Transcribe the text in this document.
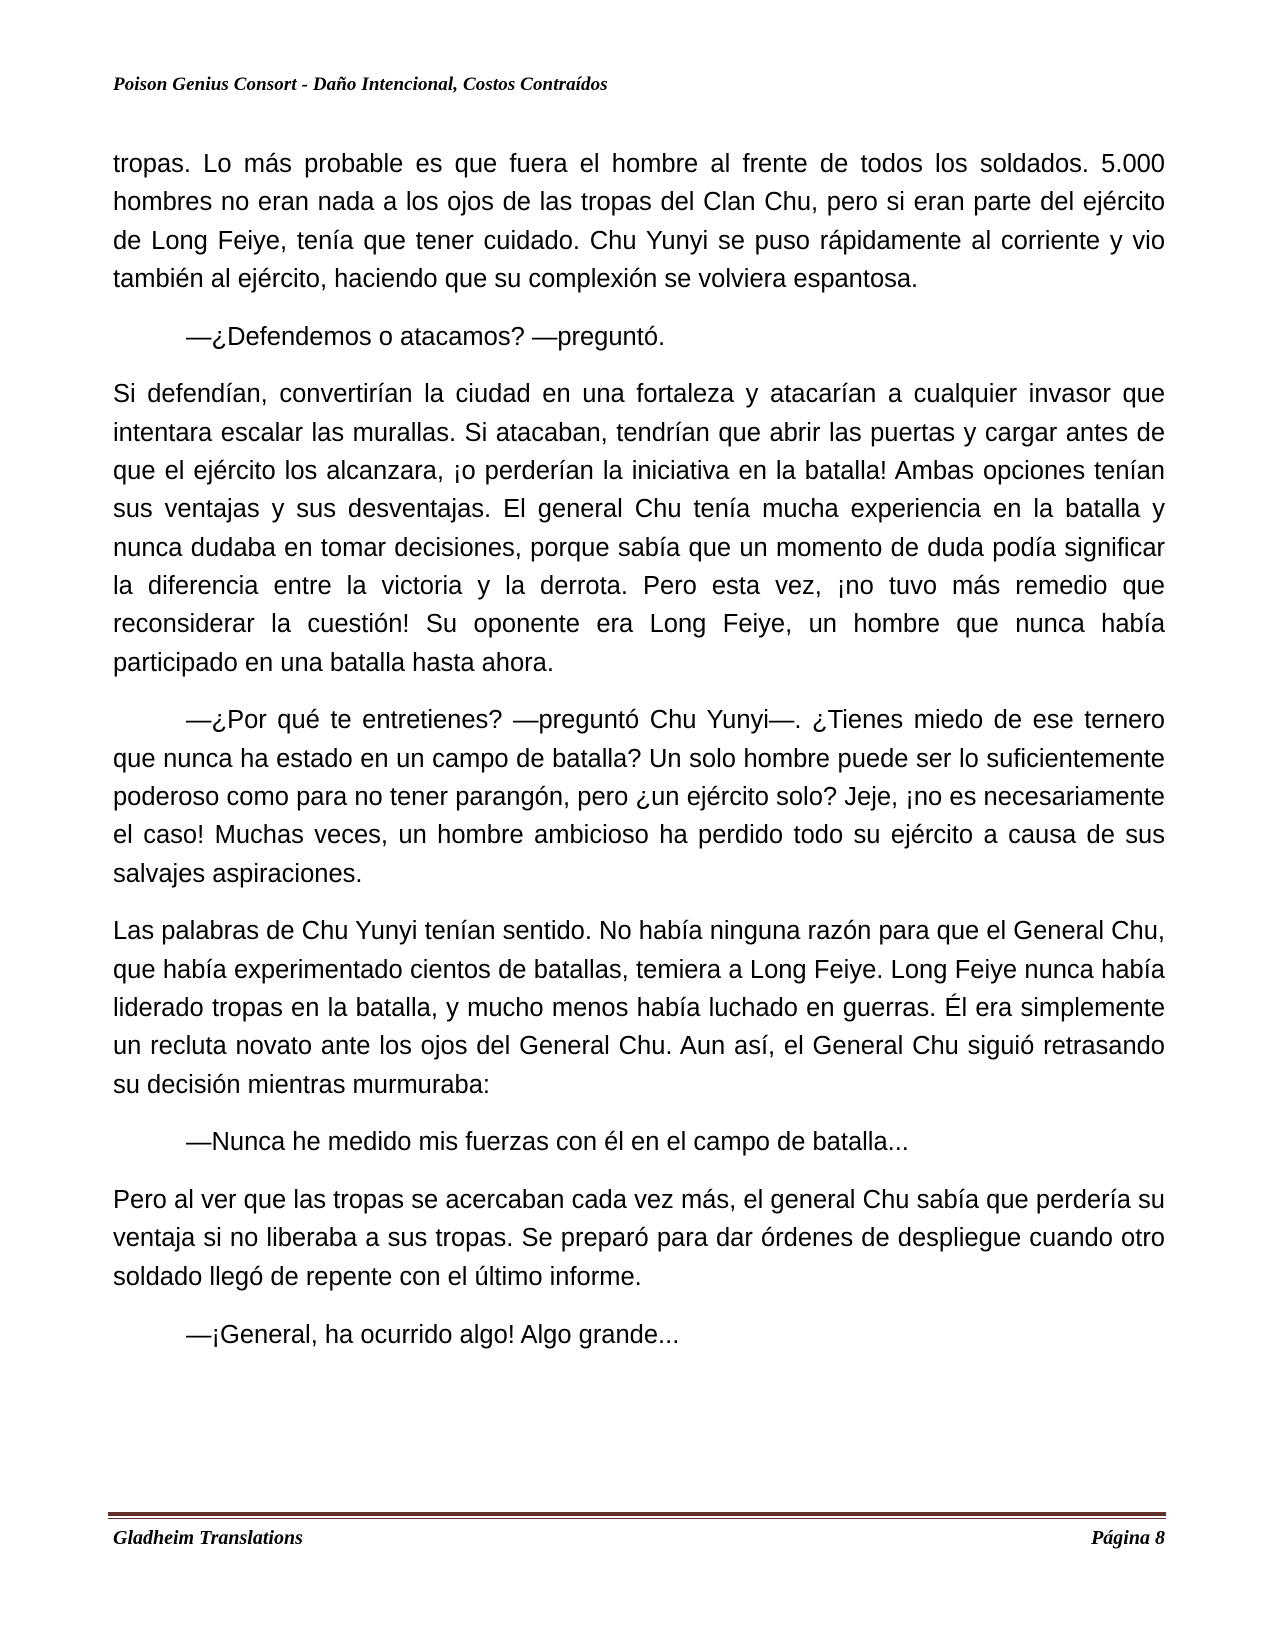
Poison Genius Consort - Daño Intencional, Costos Contraídos

tropas. Lo más probable es que fuera el hombre al frente de todos los soldados. 5.000 hombres no eran nada a los ojos de las tropas del Clan Chu, pero si eran parte del ejército de Long Feiye, tenía que tener cuidado. Chu Yunyi se puso rápidamente al corriente y vio también al ejército, haciendo que su complexión se volviera espantosa.

—¿Defendemos o atacamos? —preguntó.

Si defendían, convertirían la ciudad en una fortaleza y atacarían a cualquier invasor que intentara escalar las murallas. Si atacaban, tendrían que abrir las puertas y cargar antes de que el ejército los alcanzara, ¡o perderían la iniciativa en la batalla! Ambas opciones tenían sus ventajas y sus desventajas. El general Chu tenía mucha experiencia en la batalla y nunca dudaba en tomar decisiones, porque sabía que un momento de duda podía significar la diferencia entre la victoria y la derrota. Pero esta vez, ¡no tuvo más remedio que reconsiderar la cuestión! Su oponente era Long Feiye, un hombre que nunca había participado en una batalla hasta ahora.

—¿Por qué te entretienes? —preguntó Chu Yunyi—. ¿Tienes miedo de ese ternero que nunca ha estado en un campo de batalla? Un solo hombre puede ser lo suficientemente poderoso como para no tener parangón, pero ¿un ejército solo? Jeje, ¡no es necesariamente el caso! Muchas veces, un hombre ambicioso ha perdido todo su ejército a causa de sus salvajes aspiraciones.

Las palabras de Chu Yunyi tenían sentido. No había ninguna razón para que el General Chu, que había experimentado cientos de batallas, temiera a Long Feiye. Long Feiye nunca había liderado tropas en la batalla, y mucho menos había luchado en guerras. Él era simplemente un recluta novato ante los ojos del General Chu. Aun así, el General Chu siguió retrasando su decisión mientras murmuraba:

—Nunca he medido mis fuerzas con él en el campo de batalla...

Pero al ver que las tropas se acercaban cada vez más, el general Chu sabía que perdería su ventaja si no liberaba a sus tropas. Se preparó para dar órdenes de despliegue cuando otro soldado llegó de repente con el último informe.

—¡General, ha ocurrido algo! Algo grande...

Gladheim Translations	Página 8
